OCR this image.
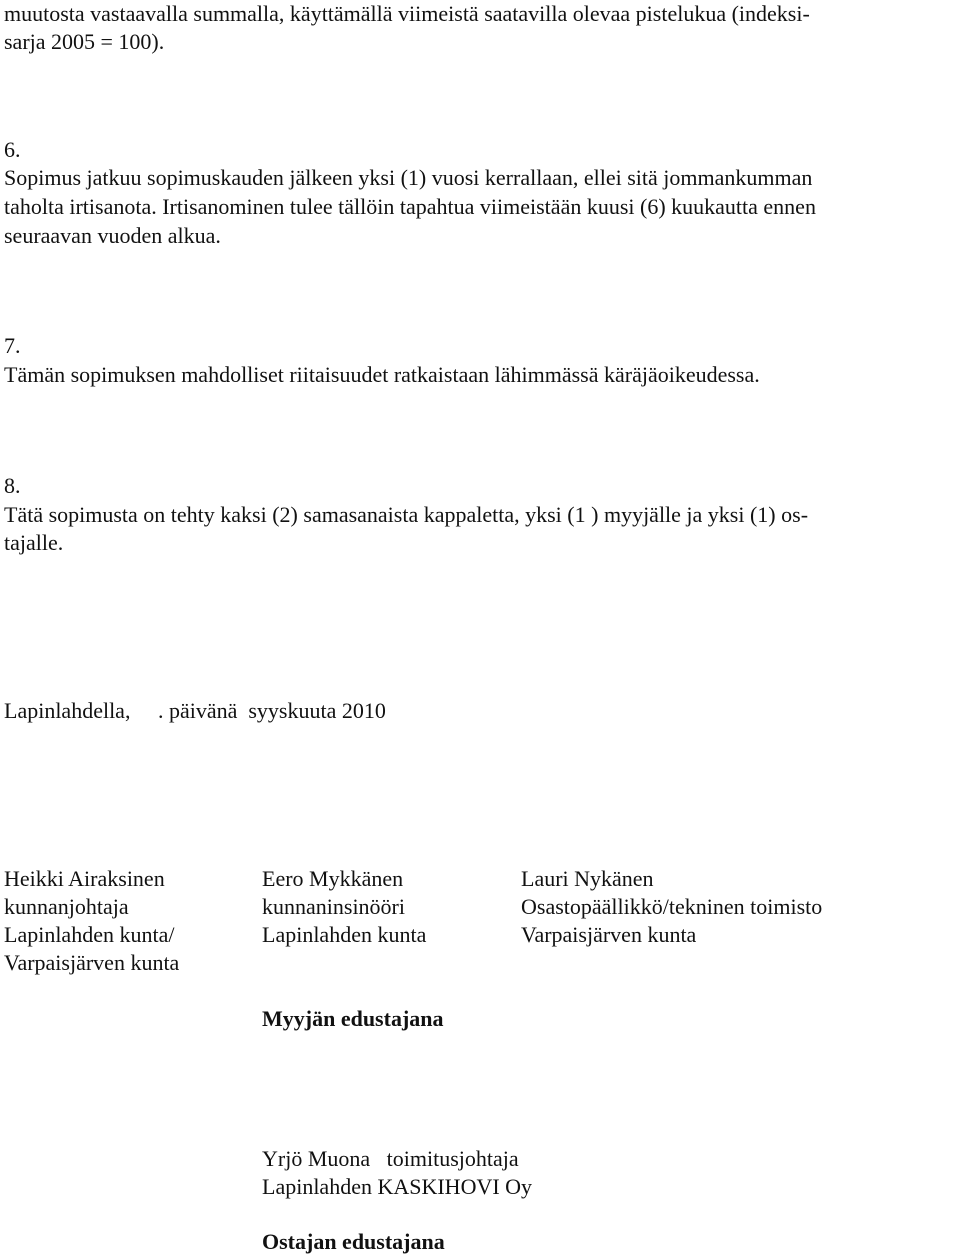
muutosta vastaavalla summalla, käyttämällä viimeistä saatavilla olevaa pistelukua (indeksi-
sarja 2005 = 100).
6.
Sopimus jatkuu sopimuskauden jälkeen yksi (1) vuosi kerrallaan, ellei sitä jommankumman
taholta irtisanota. Irtisanominen tulee tällöin tapahtua viimeistään kuusi (6) kuukautta ennen
seuraavan vuoden alkua.
7.
Tämän sopimuksen mahdolliset riitaisuudet ratkaistaan lähimmässä käräjäoikeudessa.
8.
Tätä sopimusta on tehty kaksi (2) samasanaista kappaletta, yksi (1 ) myyjälle ja yksi (1) os-
tajalle.
Lapinlahdella,     . päivänä  syyskuuta 2010
Heikki Airaksinen
kunnanjohtaja
Lapinlahden kunta/
Varpaisjärven kunta
Eero Mykkänen
kunnaninsinööri
Lapinlahden kunta
Lauri Nykänen
Osastopäällikkö/tekninen toimisto
Varpaisjärven kunta
Myyjän edustajana
Yrjö Muona   toimitusjohtaja
Lapinlahden KASKIHOVI Oy
Ostajan edustajana
